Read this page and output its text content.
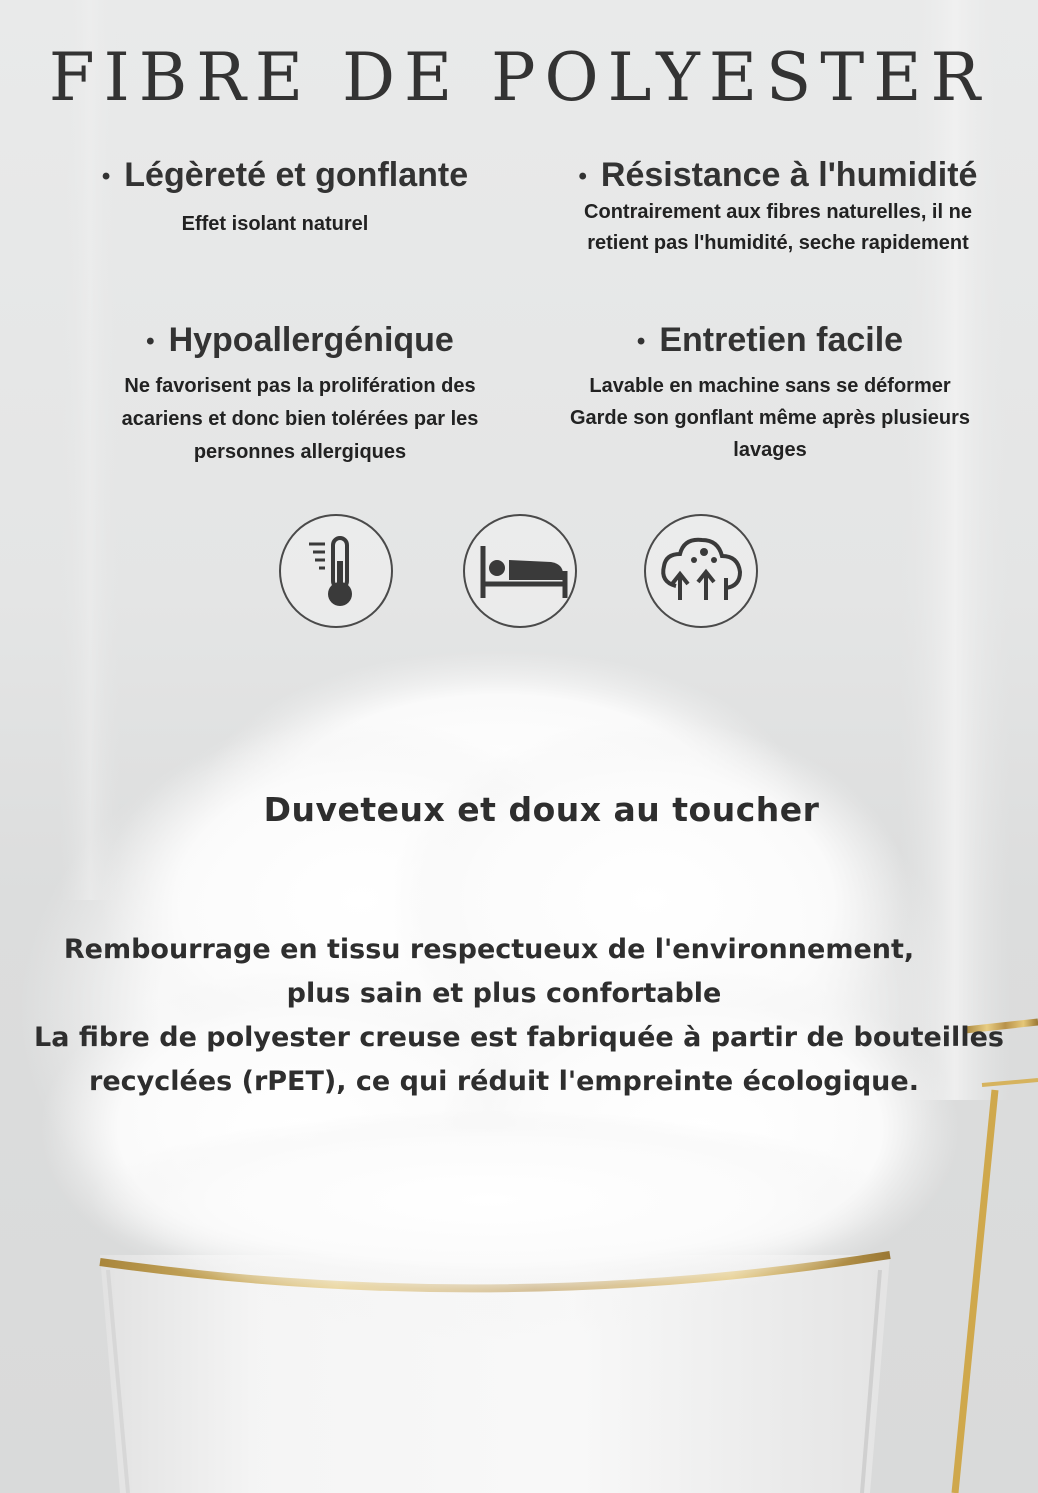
FIBRE DE POLYESTER
• Légèreté et gonflante

Effet isolant naturel

• Résistance à l'humidité

Contrairement aux fibres naturelles, il ne
retient pas l'humidité, seche rapidement

• Hypoallergénique

Ne favorisent pas la prolifération des
acariens et donc bien tolérées par les
personnes allergiques

• Entretien facile

Lavable en machine sans se déformer
Garde son gonflant même après plusieurs
lavages

Duveteux et doux au toucher
Rembourrage en tissu respectueux de l'environnement,
plus sain et plus confortable
La fibre de polyester creuse est fabriquée à partir de bouteilles
recyclées (rPET), ce qui réduit l'empreinte écologique.
